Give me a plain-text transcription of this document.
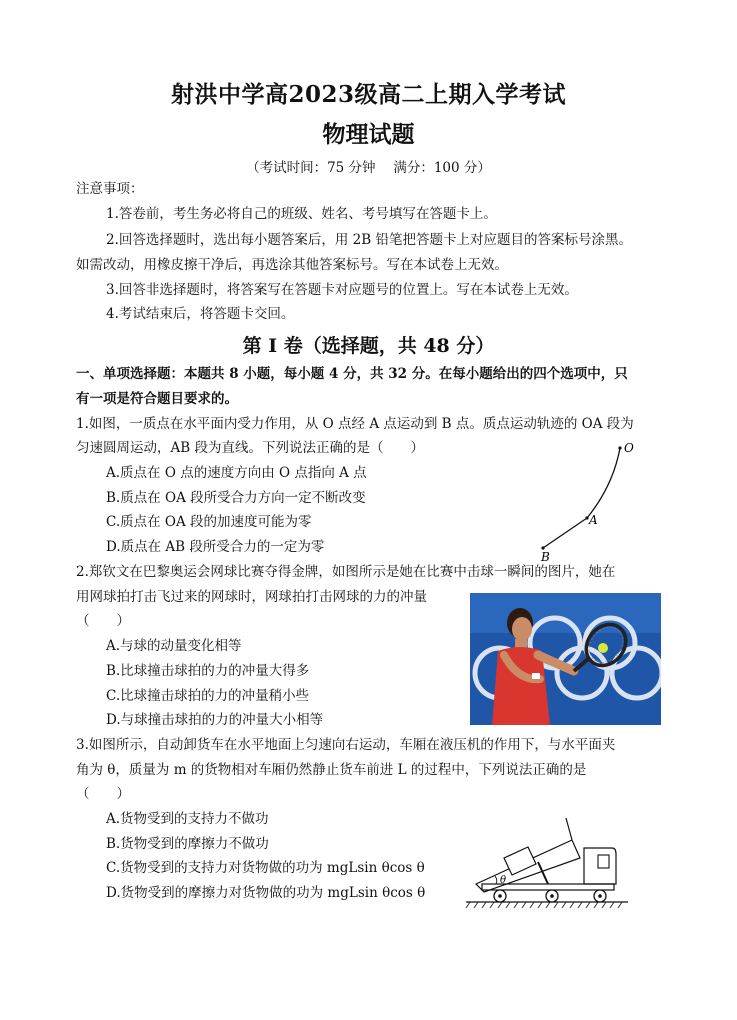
射洪中学高2023级高二上期入学考试
物理试题
（考试时间：75 分钟　 满分：100 分）
注意事项：
1.答卷前，考生务必将自己的班级、姓名、考号填写在答题卡上。
2.回答选择题时，选出每小题答案后，用 2B 铅笔把答题卡上对应题目的答案标号涂黑。
如需改动，用橡皮擦干净后，再选涂其他答案标号。写在本试卷上无效。
3.回答非选择题时，将答案写在答题卡对应题号的位置上。写在本试卷上无效。
4.考试结束后，将答题卡交回。
第 I 卷（选择题，共 48 分）
一、单项选择题：本题共 8 小题，每小题 4 分，共 32 分。在每小题给出的四个选项中，只
有一项是符合题目要求的。
1.如图，一质点在水平面内受力作用，从 O 点经 A 点运动到 B 点。质点运动轨迹的 OA 段为
匀速圆周运动，AB 段为直线。下列说法正确的是（　　）
A.质点在 O 点的速度方向由 O 点指向 A 点
B.质点在 OA 段所受合力方向一定不断改变
C.质点在 OA 段的加速度可能为零
D.质点在 AB 段所受合力的一定为零
O
A
B
2.郑钦文在巴黎奥运会网球比赛夺得金牌，如图所示是她在比赛中击球一瞬间的图片，她在
用网球拍打击飞过来的网球时，网球拍打击网球的力的冲量
（　　）
A.与球的动量变化相等
B.比球撞击球拍的力的冲量大得多
C.比球撞击球拍的力的冲量稍小些
D.与球撞击球拍的力的冲量大小相等
3.如图所示，自动卸货车在水平地面上匀速向右运动，车厢在液压机的作用下，与水平面夹
角为 θ，质量为 m 的货物相对车厢仍然静止货车前进 L 的过程中，下列说法正确的是
（　　）
A.货物受到的支持力不做功
B.货物受到的摩擦力不做功
C.货物受到的支持力对货物做的功为 mgLsin θcos θ
D.货物受到的摩擦力对货物做的功为 mgLsin θcos θ
θ
